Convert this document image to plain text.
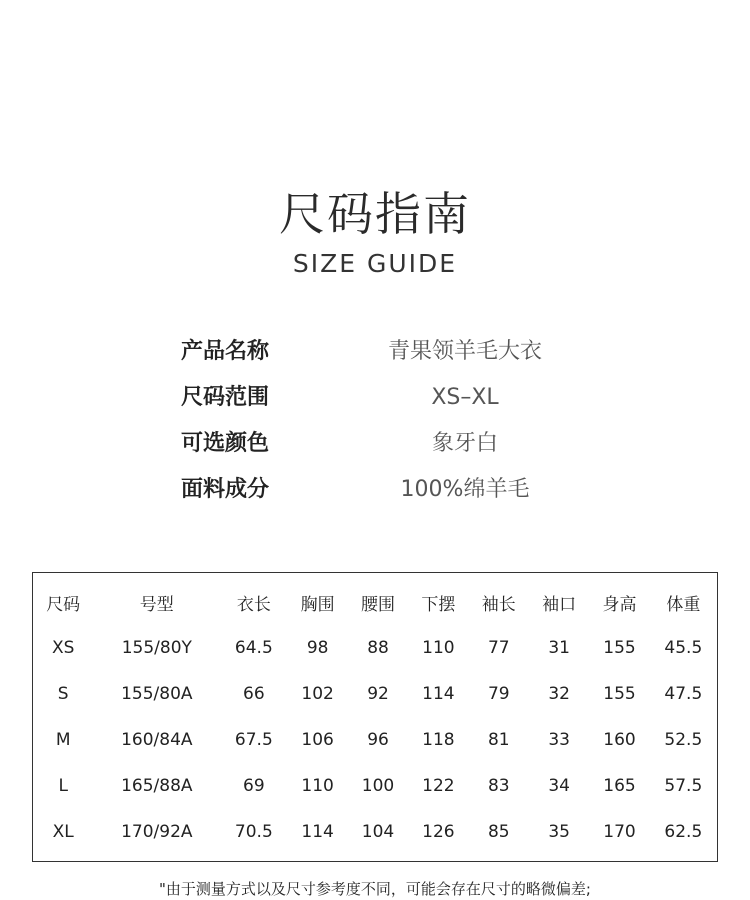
尺码指南
SIZE GUIDE
产品名称	青果领羊毛大衣
尺码范围	XS–XL
可选颜色	象牙白
面料成分	100%绵羊毛
尺码	号型	衣长	胸围	腰围	下摆	袖长	袖口	身高	体重
XS	155/80Y	64.5	98	88	110	77	31	155	45.5
S	155/80A	66	102	92	114	79	32	155	47.5
M	160/84A	67.5	106	96	118	81	33	160	52.5
L	165/88A	69	110	100	122	83	34	165	57.5
XL	170/92A	70.5	114	104	126	85	35	170	62.5
"由于测量方式以及尺寸参考度不同，可能会存在尺寸的略微偏差;
